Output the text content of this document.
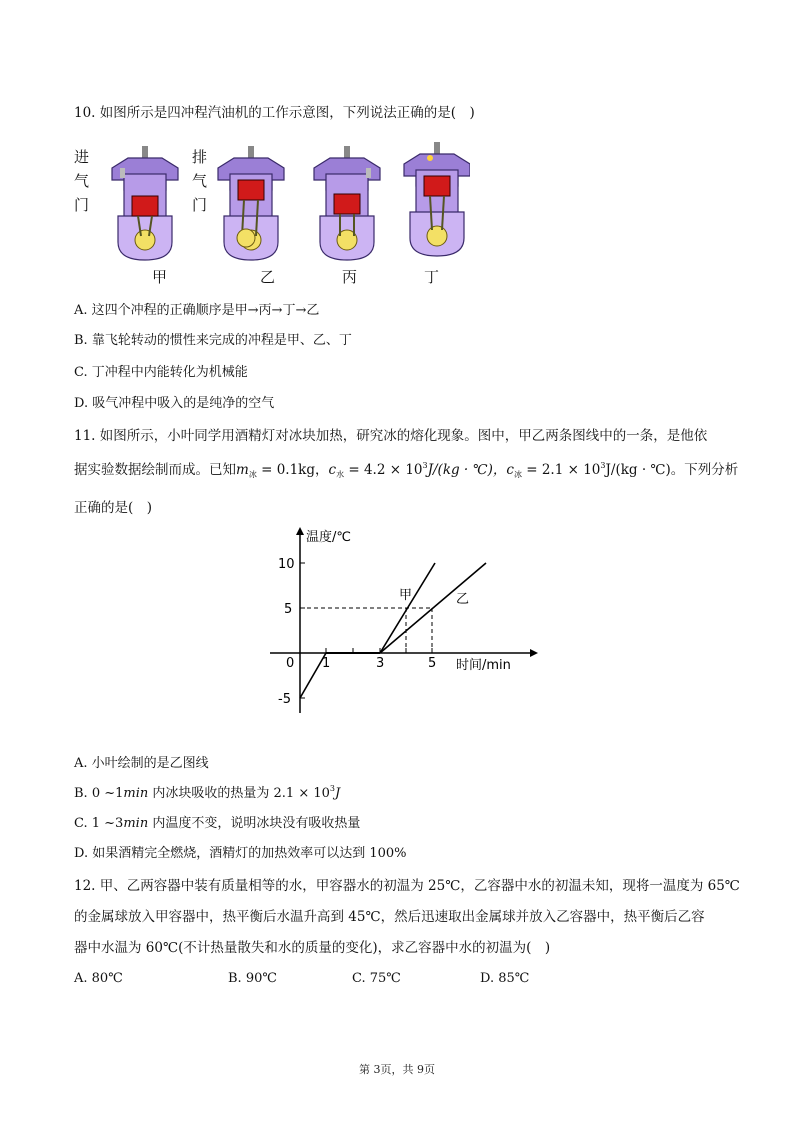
10. 如图所示是四冲程汽油机的工作示意图，下列说法正确的是(　)
进
气
门
排
气
门
甲	乙	丙	丁
A. 这四个冲程的正确顺序是甲→丙→丁→乙
B. 靠飞轮转动的惯性来完成的冲程是甲、乙、丁
C. 丁冲程中内能转化为机械能
D. 吸气冲程中吸入的是纯净的空气
11. 如图所示，小叶同学用酒精灯对冰块加热，研究冰的熔化现象。图中，甲乙两条图线中的一条，是他依
据实验数据绘制而成。已知$m_冰 = 0.1kg$，$c_水 = 4.2 \times 10^3J/(kg$ · ℃)，$c_冰 = 2.1 \times 10^3J/(kg$ · ℃)。下列分析
正确的是(　)
温度/℃
时间/min
0
10
5
-5
1	3	5
甲	乙
A. 小叶绘制的是乙图线
B. 0 ~1min 内冰块吸收的热量为 $2.1 \times 10^3J$
C. 1 ~3min 内温度不变，说明冰块没有吸收热量
D. 如果酒精完全燃烧，酒精灯的加热效率可以达到 100%
12. 甲、乙两容器中装有质量相等的水，甲容器水的初温为 25℃，乙容器中水的初温未知，现将一温度为 65℃
的金属球放入甲容器中，热平衡后水温升高到 45℃，然后迅速取出金属球并放入乙容器中，热平衡后乙容
器中水温为 60℃(不计热量散失和水的质量的变化)，求乙容器中水的初温为(　)
A. 80℃	B. 90℃	C. 75℃	D. 85℃
第 3页，共 9页
